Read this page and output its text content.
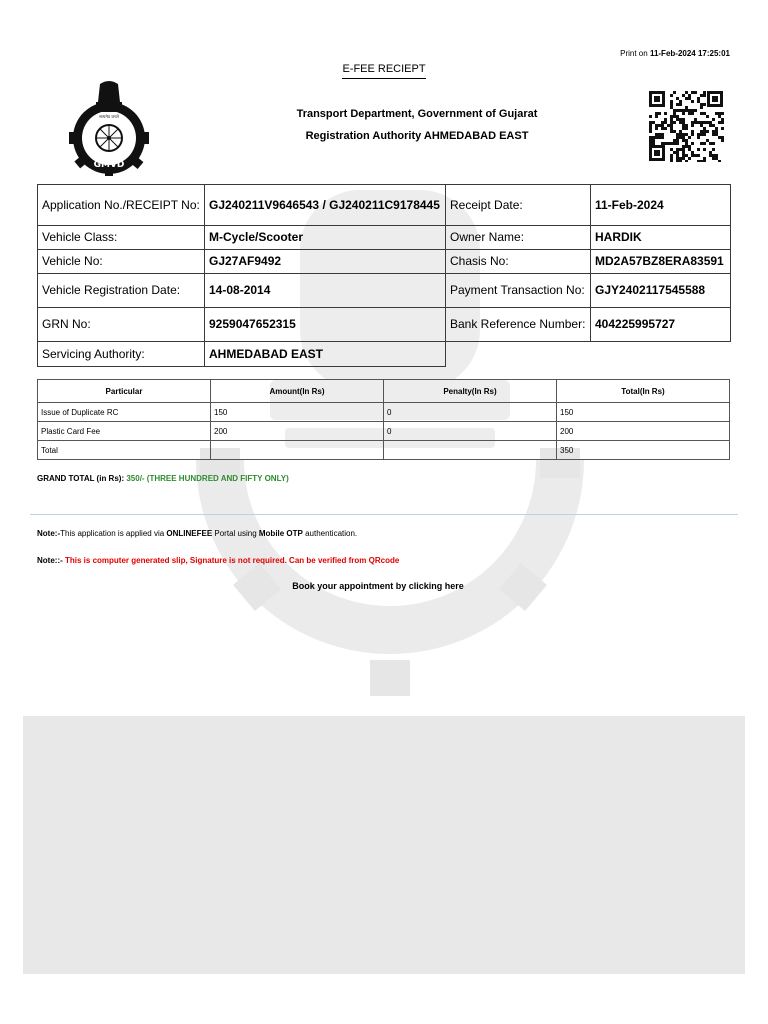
Print on 11-Feb-2024 17:25:01
E-FEE RECIEPT
सत्यमेव जयते
GMVD
Transport Department, Government of Gujarat
Registration Authority AHMEDABAD EAST
Application No./RECEIPT No: GJ240211V9646543 / GJ240211C9178445 Receipt Date:	11-Feb-2024
Vehicle Class:	M-Cycle/Scooter	Owner Name:	HARDIK
Vehicle No:	GJ27AF9492	Chasis No:	MD2A57BZ8ERA83591
Vehicle Registration Date:	14-08-2014	Payment Transaction No: GJY2402117545588
GRN No:	9259047652315	Bank Reference Number: 404225995727
Servicing Authority:	AHMEDABAD EAST
Particular	Amount(In Rs)	Penalty(In Rs)	Total(In Rs)
Issue of Duplicate RC	150	0	150
Plastic Card Fee	200	0	200
Total			350
GRAND TOTAL (in Rs): 350/- (THREE HUNDRED AND FIFTY ONLY)
Note:-This application is applied via ONLINEFEE Portal using Mobile OTP authentication.
Note::- This is computer generated slip, Signature is not required. Can be verified from QRcode
Book your appointment by clicking here
